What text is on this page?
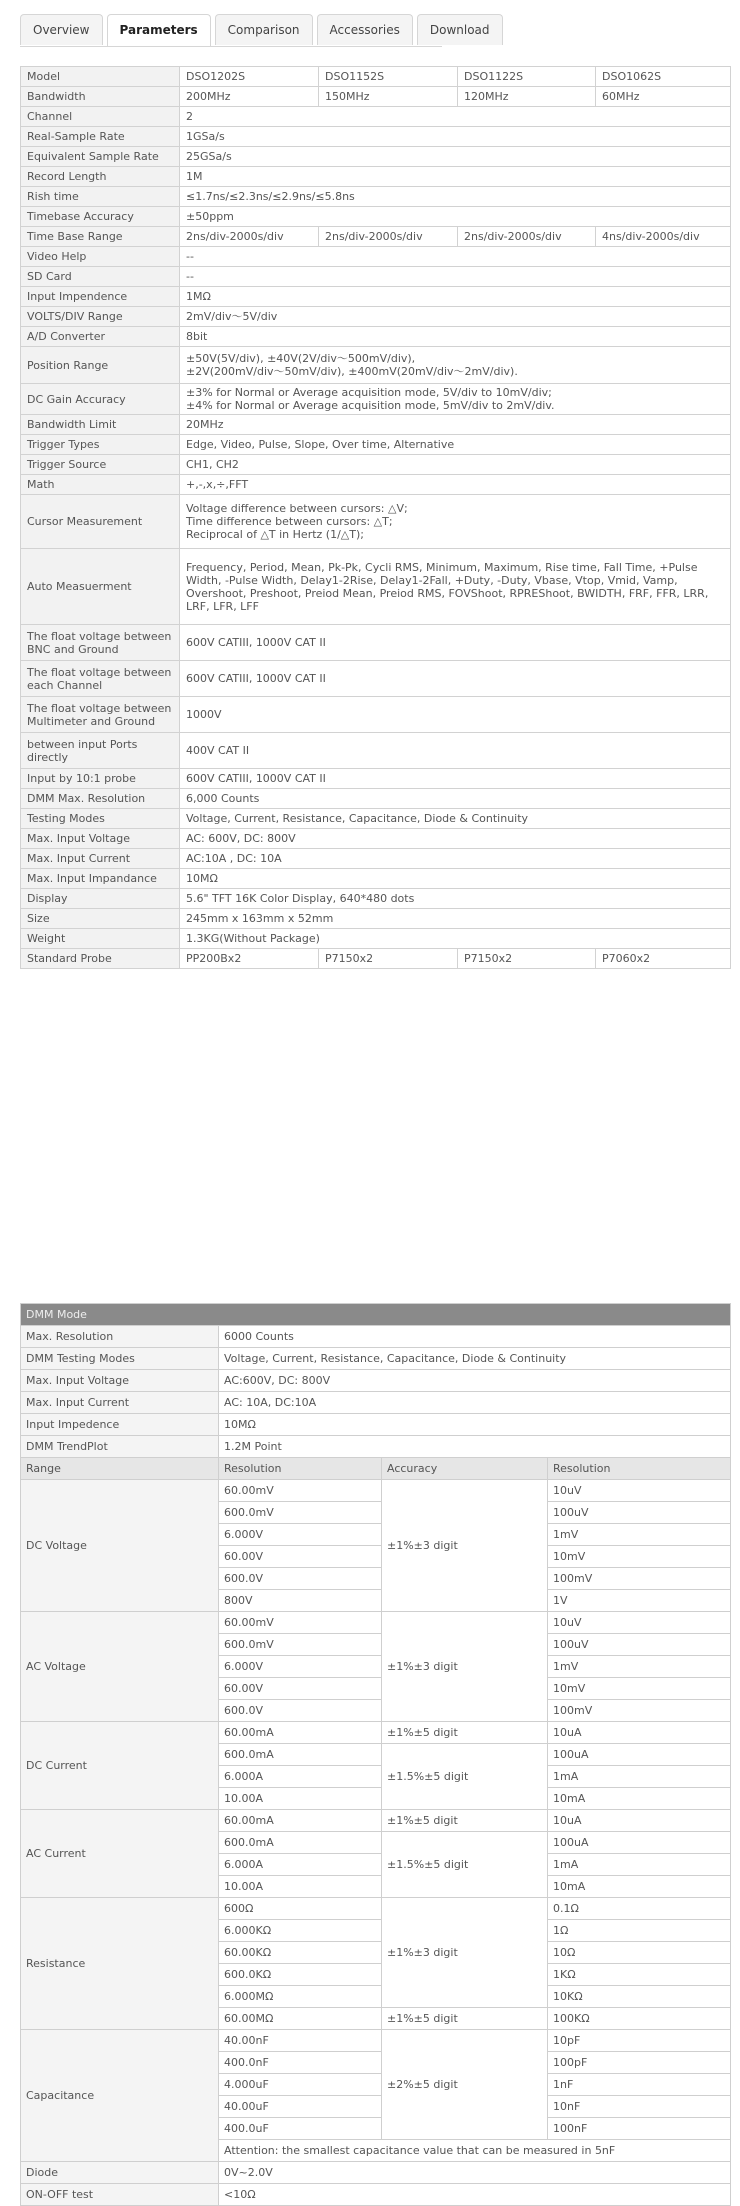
Overview	Parameters	Comparison	Accessories	Download
Model	DSO1202S	DSO1152S	DSO1122S	DSO1062S
Bandwidth	200MHz	150MHz	120MHz	60MHz
Channel	2			
Real-Sample Rate	1GSa/s			
Equivalent Sample Rate	25GSa/s			
Record Length	1M			
Rish time	≤1.7ns/≤2.3ns/≤2.9ns/≤5.8ns			
Timebase Accuracy	±50ppm			
Time Base Range	2ns/div-2000s/div	2ns/div-2000s/div	2ns/div-2000s/div	4ns/div-2000s/div
Video Help	--			
SD Card	--			
Input Impendence	1MΩ			
VOLTS/DIV Range	2mV/div～5V/div			
A/D Converter	8bit			
Position Range	±50V(5V/div), ±40V(2V/div～500mV/div),
±2V(200mV/div～50mV/div), ±400mV(20mV/div～2mV/div).			

DC Gain Accuracy	±3% for Normal or Average acquisition mode, 5V/div to 10mV/div;
±4% for Normal or Average acquisition mode, 5mV/div to 2mV/div.			

Bandwidth Limit	20MHz			
Trigger Types	Edge, Video, Pulse, Slope, Over time, Alternative			
Trigger Source	CH1, CH2			
Math	+,-,x,÷,FFT			
Cursor Measurement	Voltage difference between cursors: △V;
Time difference between cursors: △T;
Reciprocal of △T in Hertz (1/△T);			

Auto Measuerment	Frequency, Period, Mean, Pk-Pk, Cycli RMS, Minimum, Maximum, Rise time, Fall Time, +Pulse Width, -Pulse Width, Delay1-2Rise, Delay1-2Fall, +Duty, -Duty, Vbase, Vtop, Vmid, Vamp, Overshoot, Preshoot, Preiod Mean, Preiod RMS, FOVShoot, RPREShoot, BWIDTH, FRF, FFR, LRR, LRF, LFR, LFF			
The float voltage between BNC and Ground	600V CATIII, 1000V CAT II			
The float voltage between each Channel	600V CATIII, 1000V CAT II			
The float voltage between Multimeter and Ground	1000V			
between input Ports directly	400V CAT II			
Input by 10:1 probe	600V CATIII, 1000V CAT II			
DMM Max. Resolution	6,000 Counts			
Testing Modes	Voltage, Current, Resistance, Capacitance, Diode & Continuity			
Max. Input Voltage	AC: 600V, DC: 800V			
Max. Input Current	AC:10A , DC: 10A			
Max. Input Impandance	10MΩ			
Display	5.6" TFT 16K Color Display, 640*480 dots			
Size	245mm x 163mm x 52mm			
Weight	1.3KG(Without Package)			
Standard Probe	PP200Bx2	P7150x2	P7150x2	P7060x2
DMM Mode			
Max. Resolution	6000 Counts		
DMM Testing Modes	Voltage, Current, Resistance, Capacitance, Diode & Continuity		
Max. Input Voltage	AC:600V, DC: 800V		
Max. Input Current	AC: 10A, DC:10A		
Input Impedence	10MΩ		
DMM TrendPlot	1.2M Point		
Range	Resolution	Accuracy	Resolution
DC Voltage	60.00mV	±1%±3 digit	10uV
	600.0mV		100uV
	6.000V		1mV
	60.00V		10mV
	600.0V		100mV
	800V		1V
AC Voltage	60.00mV	±1%±3 digit	10uV
	600.0mV		100uV
	6.000V		1mV
	60.00V		10mV
	600.0V		100mV
DC Current	60.00mA	±1%±5 digit	10uA
	600.0mA	±1.5%±5 digit	100uA
	6.000A		1mA
	10.00A		10mA
AC Current	60.00mA	±1%±5 digit	10uA
	600.0mA	±1.5%±5 digit	100uA
	6.000A		1mA
	10.00A		10mA
Resistance	600Ω	±1%±3 digit	0.1Ω
	6.000KΩ		1Ω
	60.00KΩ		10Ω
	600.0KΩ		1KΩ
	6.000MΩ		10KΩ
	60.00MΩ	±1%±5 digit	100KΩ
Capacitance	40.00nF	±2%±5 digit	10pF
	400.0nF		100pF
	4.000uF		1nF
	40.00uF		10nF
	400.0uF		100nF
	Attention: the smallest capacitance value that can be measured in 5nF		
Diode	0V~2.0V		
ON-OFF test	<10Ω		
